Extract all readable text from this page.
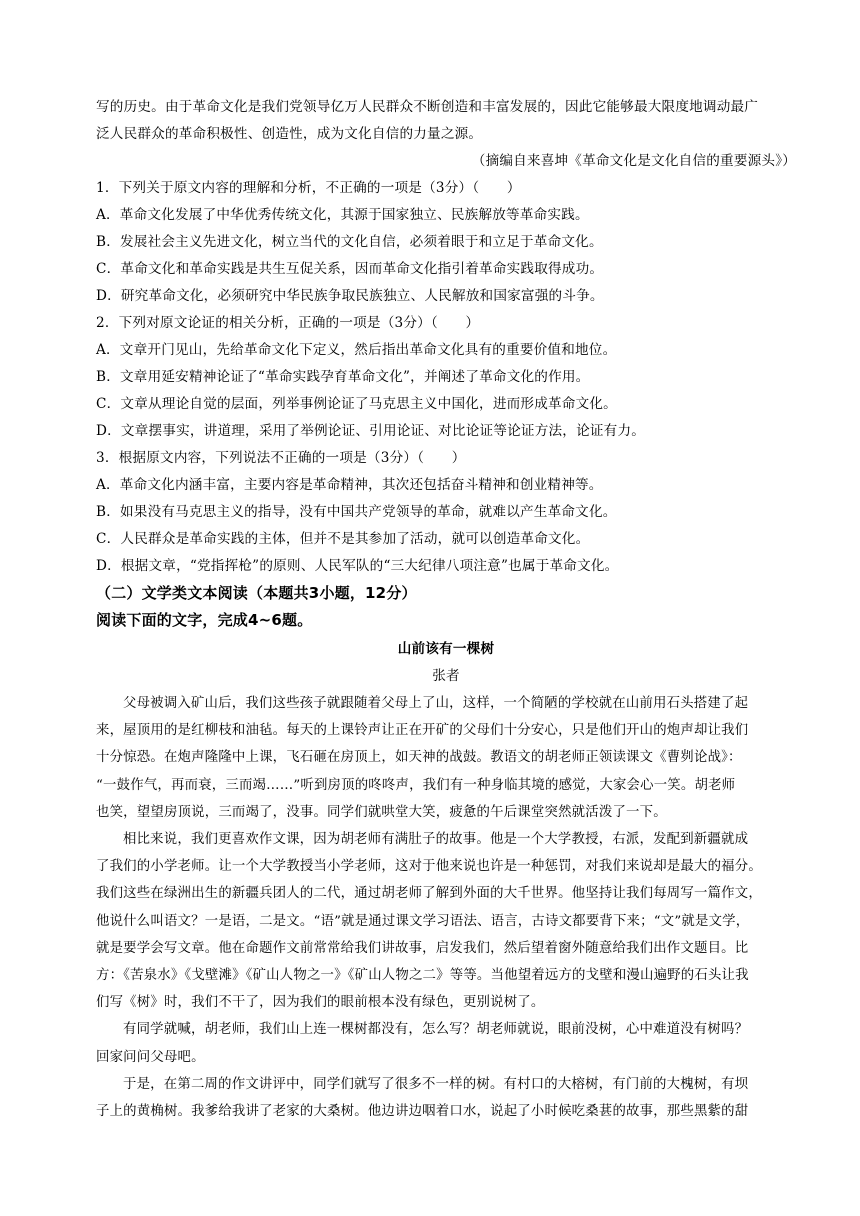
写的历史。由于革命文化是我们党领导亿万人民群众不断创造和丰富发展的，因此它能够最大限度地调动最广
泛人民群众的革命积极性、创造性，成为文化自信的力量之源。
（摘编自来喜坤《革命文化是文化自信的重要源头》）
1．下列关于原文内容的理解和分析，不正确的一项是（3分）（　　）
A．革命文化发展了中华优秀传统文化，其源于国家独立、民族解放等革命实践。
B．发展社会主义先进文化，树立当代的文化自信，必须着眼于和立足于革命文化。
C．革命文化和革命实践是共生互促关系，因而革命文化指引着革命实践取得成功。
D．研究革命文化，必须研究中华民族争取民族独立、人民解放和国家富强的斗争。
2．下列对原文论证的相关分析，正确的一项是（3分）（　　）
A．文章开门见山，先给革命文化下定义，然后指出革命文化具有的重要价值和地位。
B．文章用延安精神论证了“革命实践孕育革命文化”，并阐述了革命文化的作用。
C．文章从理论自觉的层面，列举事例论证了马克思主义中国化，进而形成革命文化。
D．文章摆事实，讲道理，采用了举例论证、引用论证、对比论证等论证方法，论证有力。
3．根据原文内容，下列说法不正确的一项是（3分）（　　）
A．革命文化内涵丰富，主要内容是革命精神，其次还包括奋斗精神和创业精神等。
B．如果没有马克思主义的指导，没有中国共产党领导的革命，就难以产生革命文化。
C．人民群众是革命实践的主体，但并不是其参加了活动，就可以创造革命文化。
D．根据文章，“党指挥枪”的原则、人民军队的“三大纪律八项注意”也属于革命文化。
（二）文学类文本阅读（本题共3小题，12分）
阅读下面的文字，完成4~6题。
山前该有一棵树
张者
父母被调入矿山后，我们这些孩子就跟随着父母上了山，这样，一个简陋的学校就在山前用石头搭建了起
来，屋顶用的是红柳枝和油毡。每天的上课铃声让正在开矿的父母们十分安心，只是他们开山的炮声却让我们
十分惊恐。在炮声隆隆中上课，飞石砸在房顶上，如天神的战鼓。教语文的胡老师正领读课文《曹刿论战》：
“一鼓作气，再而衰，三而竭……”听到房顶的咚咚声，我们有一种身临其境的感觉，大家会心一笑。胡老师
也笑，望望房顶说，三而竭了，没事。同学们就哄堂大笑，疲惫的午后课堂突然就活泼了一下。
相比来说，我们更喜欢作文课，因为胡老师有满肚子的故事。他是一个大学教授，右派，发配到新疆就成
了我们的小学老师。让一个大学教授当小学老师，这对于他来说也许是一种惩罚，对我们来说却是最大的福分。
我们这些在绿洲出生的新疆兵团人的二代，通过胡老师了解到外面的大千世界。他坚持让我们每周写一篇作文，
他说什么叫语文？一是语，二是文。“语”就是通过课文学习语法、语言，古诗文都要背下来；“文”就是文学，
就是要学会写文章。他在命题作文前常常给我们讲故事，启发我们，然后望着窗外随意给我们出作文题目。比
方：《苦泉水》《戈壁滩》《矿山人物之一》《矿山人物之二》等等。当他望着远方的戈壁和漫山遍野的石头让我
们写《树》时，我们不干了，因为我们的眼前根本没有绿色，更别说树了。
有同学就喊，胡老师，我们山上连一棵树都没有，怎么写？胡老师就说，眼前没树，心中难道没有树吗？
回家问问父母吧。
于是，在第二周的作文讲评中，同学们就写了很多不一样的树。有村口的大榕树，有门前的大槐树，有坝
子上的黄桷树。我爹给我讲了老家的大桑树。他边讲边咽着口水，说起了小时候吃桑葚的故事，那些黑紫的甜
